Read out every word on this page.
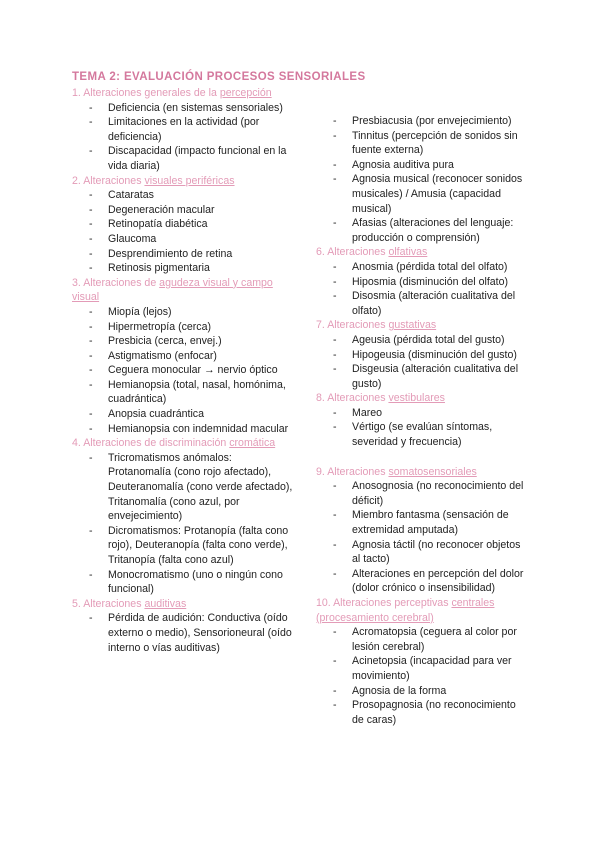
TEMA 2: EVALUACIÓN PROCESOS SENSORIALES
1. Alteraciones generales de la percepción
- Deficiencia (en sistemas sensoriales)
- Limitaciones en la actividad (por deficiencia)
- Discapacidad (impacto funcional en la vida diaria)
2. Alteraciones visuales periféricas
- Cataratas
- Degeneración macular
- Retinopatía diabética
- Glaucoma
- Desprendimiento de retina
- Retinosis pigmentaria
3. Alteraciones de agudeza visual y campo visual
- Miopía (lejos)
- Hipermetropía (cerca)
- Presbicia (cerca, envej.)
- Astigmatismo (enfocar)
- Ceguera monocular → nervio óptico
- Hemianopsia (total, nasal, homónima, cuadrántica)
- Anopsia cuadrántica
- Hemianopsia con indemnidad macular
4. Alteraciones de discriminación cromática
- Tricromatismos anómalos: Protanomalía (cono rojo afectado), Deuteranomalía (cono verde afectado), Tritanomalía (cono azul, por envejecimiento)
- Dicromatismos: Protanopía (falta cono rojo), Deuteranopía (falta cono verde), Tritanopía (falta cono azul)
- Monocromatismo (uno o ningún cono funcional)
5. Alteraciones auditivas
- Pérdida de audición: Conductiva (oído externo o medio), Sensorioneural (oído interno o vías auditivas)
- Presbiacusia (por envejecimiento)
- Tinnitus (percepción de sonidos sin fuente externa)
- Agnosia auditiva pura
- Agnosia musical (reconocer sonidos musicales) / Amusia (capacidad musical)
- Afasias (alteraciones del lenguaje: producción o comprensión)
6. Alteraciones olfativas
- Anosmia (pérdida total del olfato)
- Hiposmia (disminución del olfato)
- Disosmia (alteración cualitativa del olfato)
7. Alteraciones gustativas
- Ageusia (pérdida total del gusto)
- Hipogeusia (disminución del gusto)
- Disgeusia (alteración cualitativa del gusto)
8. Alteraciones vestibulares
- Mareo
- Vértigo (se evalúan síntomas, severidad y frecuencia)
9. Alteraciones somatosensoriales
- Anosognosia (no reconocimiento del déficit)
- Miembro fantasma (sensación de extremidad amputada)
- Agnosia táctil (no reconocer objetos al tacto)
- Alteraciones en percepción del dolor (dolor crónico o insensibilidad)
10. Alteraciones perceptivas centrales (procesamiento cerebral)
- Acromatopsia (ceguera al color por lesión cerebral)
- Acinetopsia (incapacidad para ver movimiento)
- Agnosia de la forma
- Prosopagnosia (no reconocimiento de caras)
